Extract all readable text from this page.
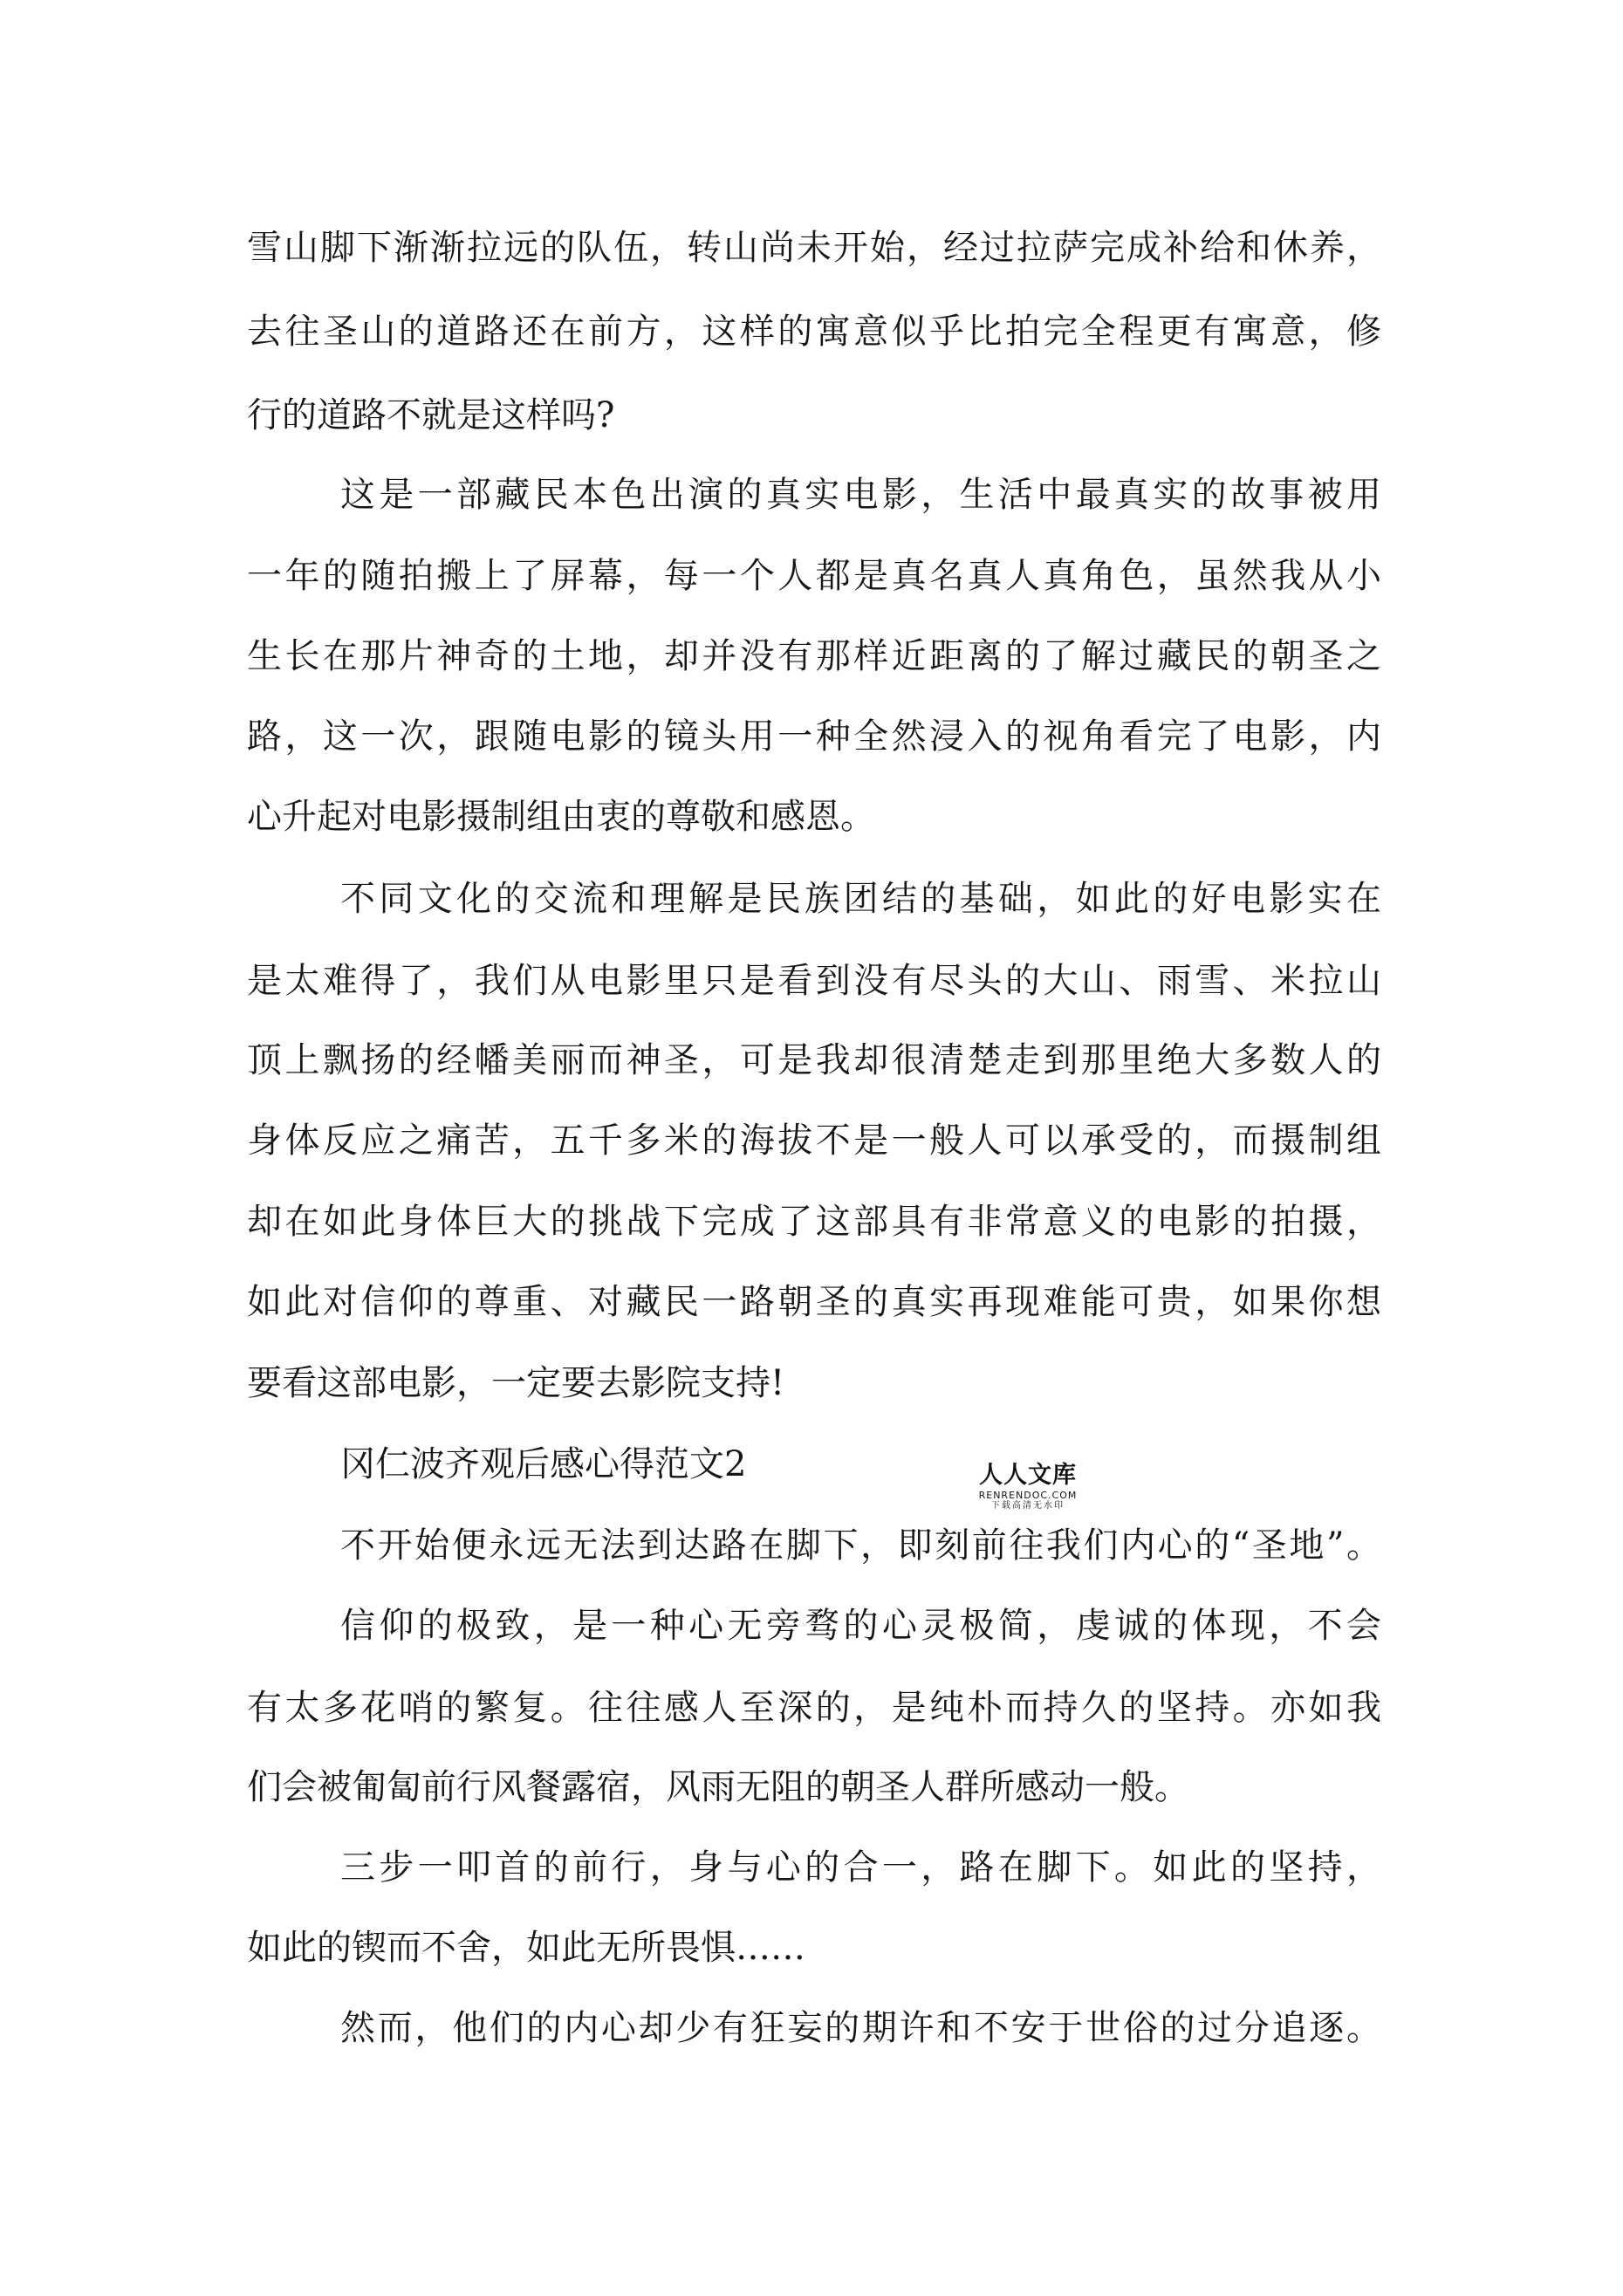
雪山脚下渐渐拉远的队伍，转山尚未开始，经过拉萨完成补给和休养，
去往圣山的道路还在前方，这样的寓意似乎比拍完全程更有寓意，修
行的道路不就是这样吗?
这是一部藏民本色出演的真实电影，生活中最真实的故事被用
一年的随拍搬上了屏幕，每一个人都是真名真人真角色，虽然我从小
生长在那片神奇的土地，却并没有那样近距离的了解过藏民的朝圣之
路，这一次，跟随电影的镜头用一种全然浸入的视角看完了电影，内
心升起对电影摄制组由衷的尊敬和感恩。
不同文化的交流和理解是民族团结的基础，如此的好电影实在
是太难得了，我们从电影里只是看到没有尽头的大山、雨雪、米拉山
顶上飘扬的经幡美丽而神圣，可是我却很清楚走到那里绝大多数人的
身体反应之痛苦，五千多米的海拔不是一般人可以承受的，而摄制组
却在如此身体巨大的挑战下完成了这部具有非常意义的电影的拍摄，
如此对信仰的尊重、对藏民一路朝圣的真实再现难能可贵，如果你想
要看这部电影，一定要去影院支持!
冈仁波齐观后感心得范文2
不开始便永远无法到达路在脚下，即刻前往我们内心的“圣地”。
信仰的极致，是一种心无旁骛的心灵极简，虔诚的体现，不会
有太多花哨的繁复。往往感人至深的，是纯朴而持久的坚持。亦如我
们会被匍匐前行风餐露宿，风雨无阻的朝圣人群所感动一般。
三步一叩首的前行，身与心的合一，路在脚下。如此的坚持，
如此的锲而不舍，如此无所畏惧……
然而，他们的内心却少有狂妄的期许和不安于世俗的过分追逐。
人人文库
RENRENDOC.COM
下载高清无水印
